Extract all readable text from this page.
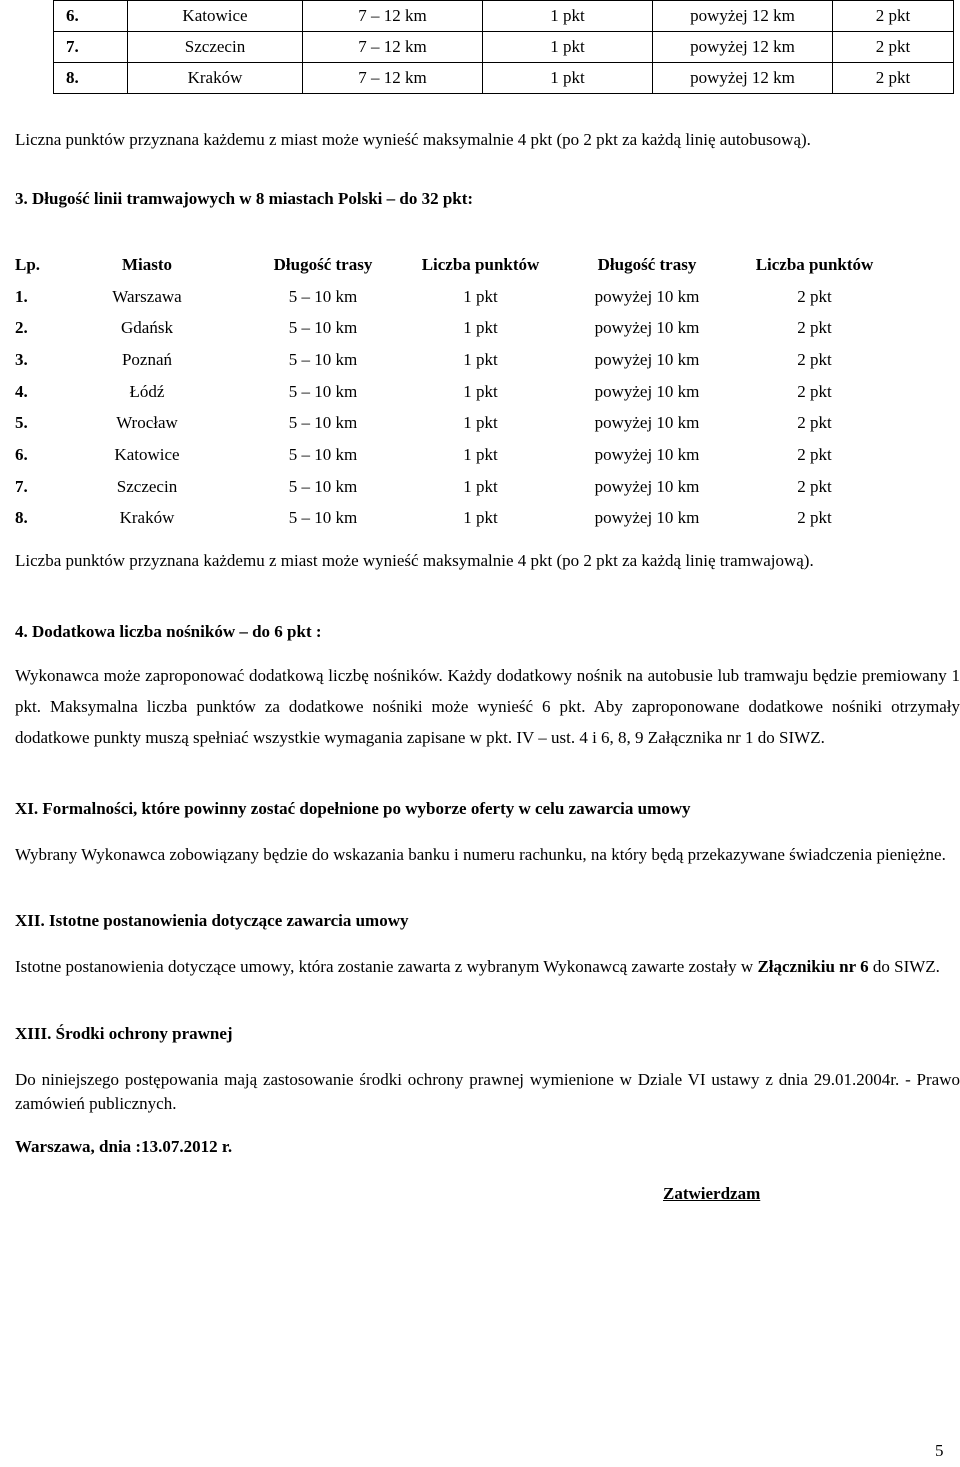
6.	Katowice	7 – 12 km	1 pkt	powyżej 12 km	2 pkt
7.	Szczecin	7 – 12 km	1 pkt	powyżej 12 km	2 pkt
8.	Kraków	7 – 12 km	1 pkt	powyżej 12 km	2 pkt
Liczna punktów przyznana każdemu z miast może wynieść maksymalnie 4 pkt (po 2 pkt za każdą linię autobusową).
3. Długość linii tramwajowych w 8 miastach Polski – do 32 pkt:
Lp.	Miasto	Długość trasy	Liczba punktów	Długość trasy	Liczba punktów
1.	Warszawa	5 – 10 km	1 pkt	powyżej 10 km	2 pkt
2.	Gdańsk	5 – 10 km	1 pkt	powyżej 10 km	2 pkt
3.	Poznań	5 – 10 km	1 pkt	powyżej 10 km	2 pkt
4.	Łódź	5 – 10 km	1 pkt	powyżej 10 km	2 pkt
5.	Wrocław	5 – 10 km	1 pkt	powyżej 10 km	2 pkt
6.	Katowice	5 – 10 km	1 pkt	powyżej 10 km	2 pkt
7.	Szczecin	5 – 10 km	1 pkt	powyżej 10 km	2 pkt
8.	Kraków	5 – 10 km	1 pkt	powyżej 10 km	2 pkt
Liczba punktów przyznana każdemu z miast może wynieść maksymalnie 4 pkt (po 2 pkt za każdą linię tramwajową).
4. Dodatkowa liczba nośników – do 6 pkt :
Wykonawca może zaproponować dodatkową liczbę nośników. Każdy dodatkowy nośnik na autobusie lub tramwaju będzie premiowany 1 pkt. Maksymalna liczba punktów za dodatkowe nośniki może wynieść 6 pkt. Aby zaproponowane dodatkowe nośniki otrzymały dodatkowe punkty muszą spełniać wszystkie wymagania zapisane w pkt. IV – ust. 4 i 6, 8, 9 Załącznika nr 1 do SIWZ.
XI. Formalności, które powinny zostać dopełnione po wyborze oferty w celu zawarcia umowy
Wybrany Wykonawca zobowiązany będzie do wskazania banku i numeru rachunku, na który będą przekazywane świadczenia pieniężne.
XII. Istotne postanowienia dotyczące zawarcia umowy
Istotne postanowienia dotyczące umowy, która zostanie zawarta z wybranym Wykonawcą zawarte zostały w Złącznikiu nr 6 do SIWZ.
XIII. Środki ochrony prawnej
Do niniejszego postępowania mają zastosowanie środki ochrony prawnej wymienione w Dziale VI ustawy z dnia 29.01.2004r. - Prawo zamówień publicznych.
Warszawa, dnia :13.07.2012 r.
Zatwierdzam
5
